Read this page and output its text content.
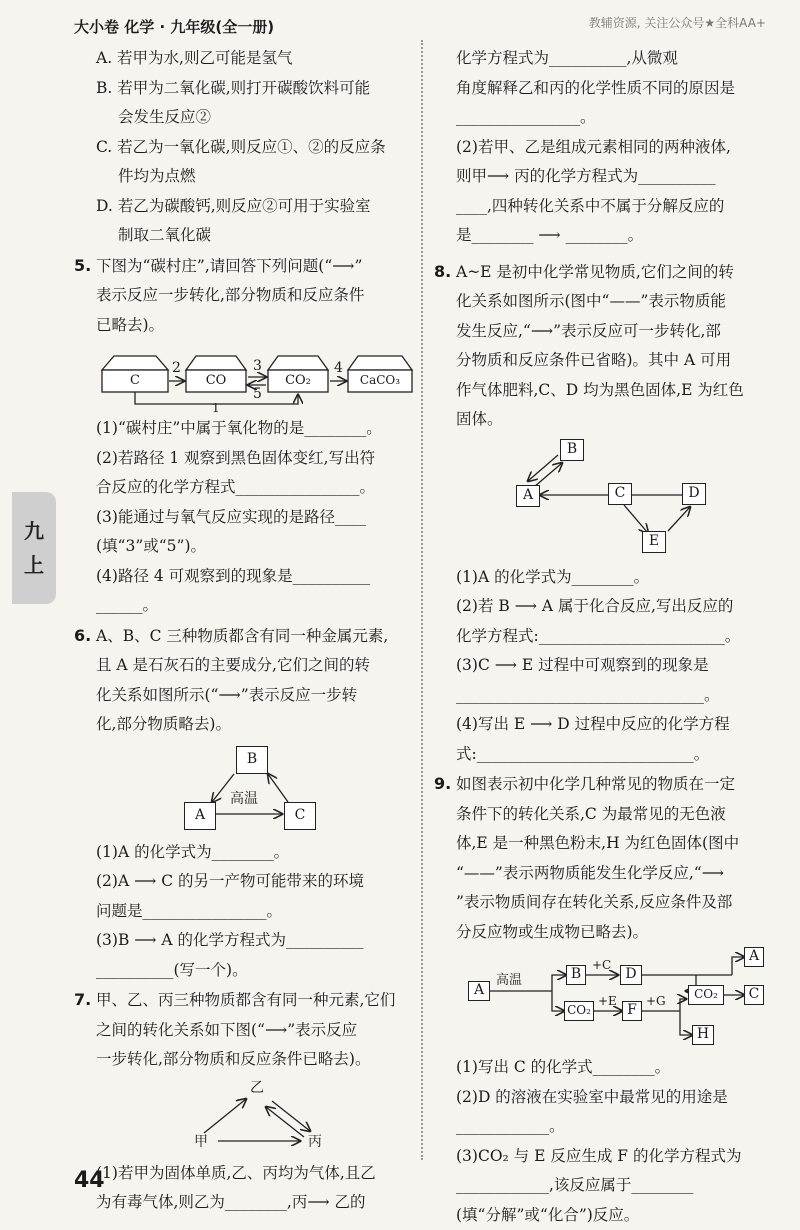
大小卷 化学 · 九年级(全一册)	教辅资源, 关注公众号★全科AA+
九
上
A. 若甲为水,则乙可能是氢气
B. 若甲为二氧化碳,则打开碳酸饮料可能
会发生反应②
C. 若乙为一氧化碳,则反应①、②的反应条
件均为点燃
D. 若乙为碳酸钙,则反应②可用于实验室
制取二氧化碳
5. 下图为“碳村庄”,请回答下列问题(“⟶”
表示反应一步转化,部分物质和反应条件
已略去)。
C	CO	CO₂	CaCO₃
2	3
5
4
1
(1)“碳村庄”中属于氧化物的是________。
(2)若路径 1 观察到黑色固体变红,写出符
合反应的化学方程式________________。
(3)能通过与氧气反应实现的是路径____
(填“3”或“5”)。
(4)路径 4 可观察到的现象是__________
______。
6. A、B、C 三种物质都含有同一种金属元素,
且 A 是石灰石的主要成分,它们之间的转
化关系如图所示(“⟶”表示反应一步转
化,部分物质略去)。
B
A	C
高温
(1)A 的化学式为________。
(2)A ⟶ C 的另一产物可能带来的环境
问题是________________。
(3)B ⟶ A 的化学方程式为__________
__________(写一个)。
7. 甲、乙、丙三种物质都含有同一种元素,它们
之间的转化关系如下图(“⟶”表示反应
一步转化,部分物质和反应条件已略去)。
乙
甲	丙
(1)若甲为固体单质,乙、丙均为气体,且乙
为有毒气体,则乙为________,丙⟶ 乙的
化学方程式为__________,从微观
角度解释乙和丙的化学性质不同的原因是
________________。
(2)若甲、乙是组成元素相同的两种液体,
则甲⟶ 丙的化学方程式为__________
____,四种转化关系中不属于分解反应的
是________ ⟶ ________。
8. A~E 是初中化学常见物质,它们之间的转
化关系如图所示(图中“——”表示物质能
发生反应,“⟶”表示反应可一步转化,部
分物质和反应条件已省略)。其中 A 可用
作气体肥料,C、D 均为黑色固体,E 为红色
固体。
B
A	C	D
E
(1)A 的化学式为________。
(2)若 B ⟶ A 属于化合反应,写出反应的
化学方程式:________________________。
(3)C ⟶ E 过程中可观察到的现象是
________________________________。
(4)写出 E ⟶ D 过程中反应的化学方程
式:____________________________。
9. 如图表示初中化学几种常见的物质在一定
条件下的转化关系,C 为最常见的无色液
体,E 是一种黑色粉末,H 为红色固体(图中
“——”表示两物质能发生化学反应,“⟶
”表示物质间存在转化关系,反应条件及部
分反应物或生成物已略去)。
A
B	D
CO₂	F
CO₂
A
C
H
高温
+C
+E +G
(1)写出 C 的化学式________。
(2)D 的溶液在实验室中最常见的用途是
____________。
(3)CO₂ 与 E 反应生成 F 的化学方程式为
____________,该反应属于________
(填“分解”或“化合”)反应。
44
